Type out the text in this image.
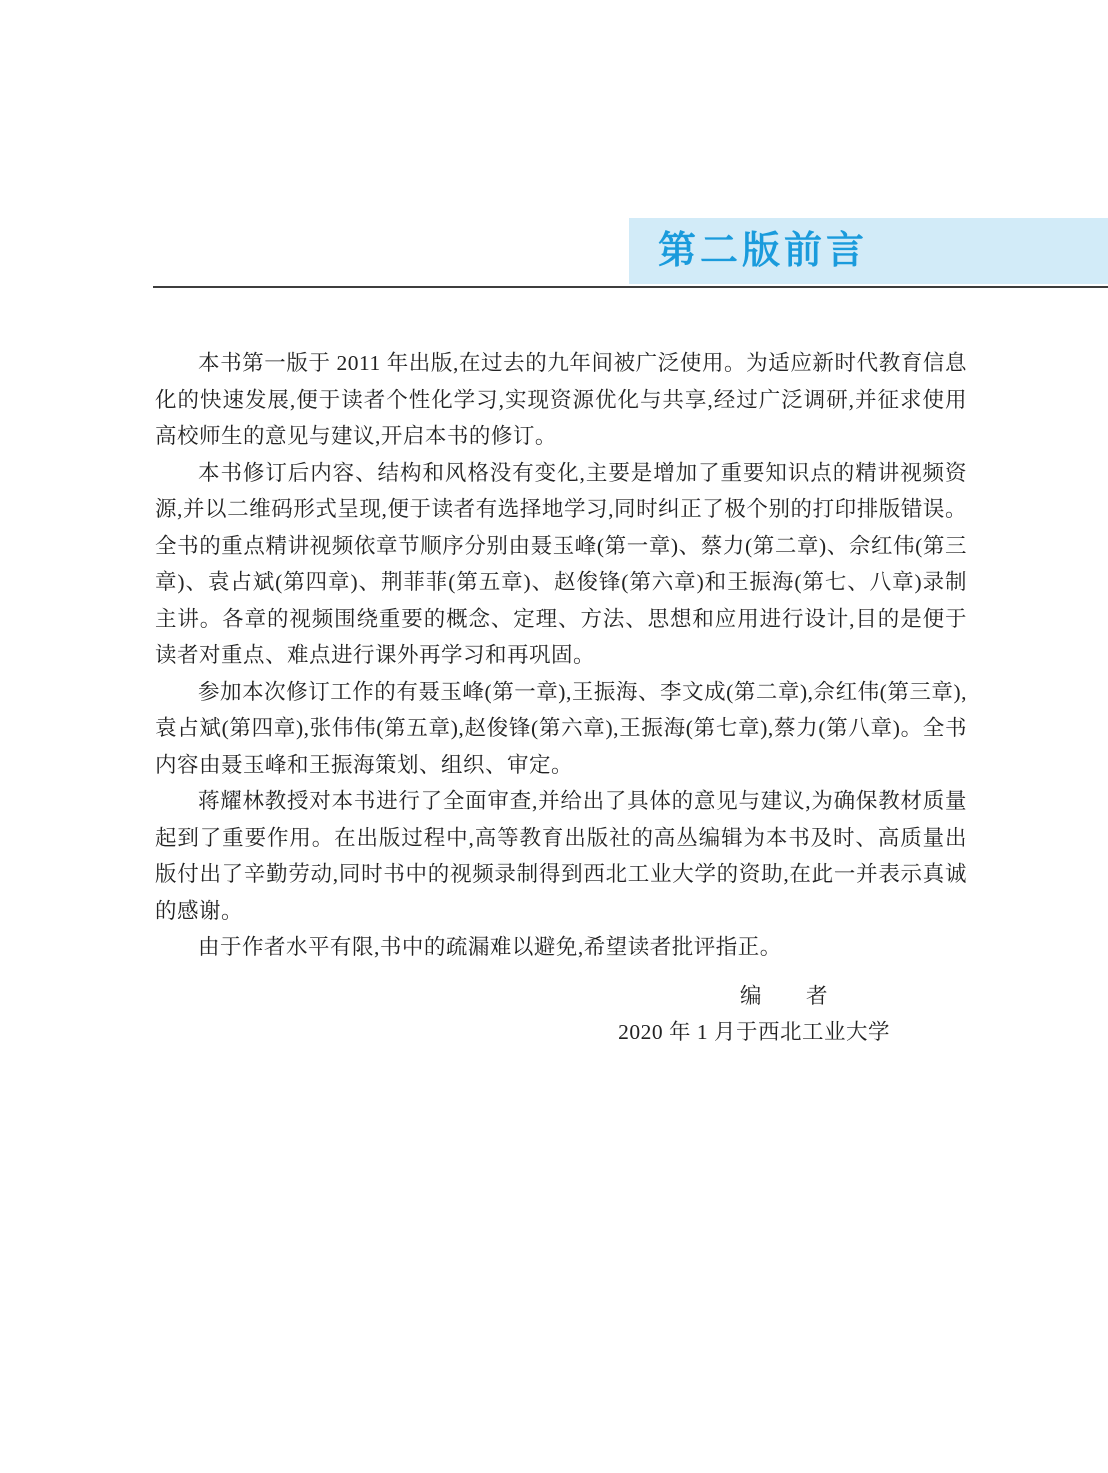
第二版前言

本书第一版于 2011 年出版,在过去的九年间被广泛使用。为适应新时代教育信息化的快速发展,便于读者个性化学习,实现资源优化与共享,经过广泛调研,并征求使用高校师生的意见与建议,开启本书的修订。

本书修订后内容、结构和风格没有变化,主要是增加了重要知识点的精讲视频资源,并以二维码形式呈现,便于读者有选择地学习,同时纠正了极个别的打印排版错误。全书的重点精讲视频依章节顺序分别由聂玉峰(第一章)、蔡力(第二章)、佘红伟(第三章)、袁占斌(第四章)、荆菲菲(第五章)、赵俊锋(第六章)和王振海(第七、八章)录制主讲。各章的视频围绕重要的概念、定理、方法、思想和应用进行设计,目的是便于读者对重点、难点进行课外再学习和再巩固。

参加本次修订工作的有聂玉峰(第一章),王振海、李文成(第二章),佘红伟(第三章),袁占斌(第四章),张伟伟(第五章),赵俊锋(第六章),王振海(第七章),蔡力(第八章)。全书内容由聂玉峰和王振海策划、组织、审定。

蒋耀林教授对本书进行了全面审查,并给出了具体的意见与建议,为确保教材质量起到了重要作用。在出版过程中,高等教育出版社的高丛编辑为本书及时、高质量出版付出了辛勤劳动,同时书中的视频录制得到西北工业大学的资助,在此一并表示真诚的感谢。

由于作者水平有限,书中的疏漏难以避免,希望读者批评指正。

编　　者

2020 年 1 月于西北工业大学
